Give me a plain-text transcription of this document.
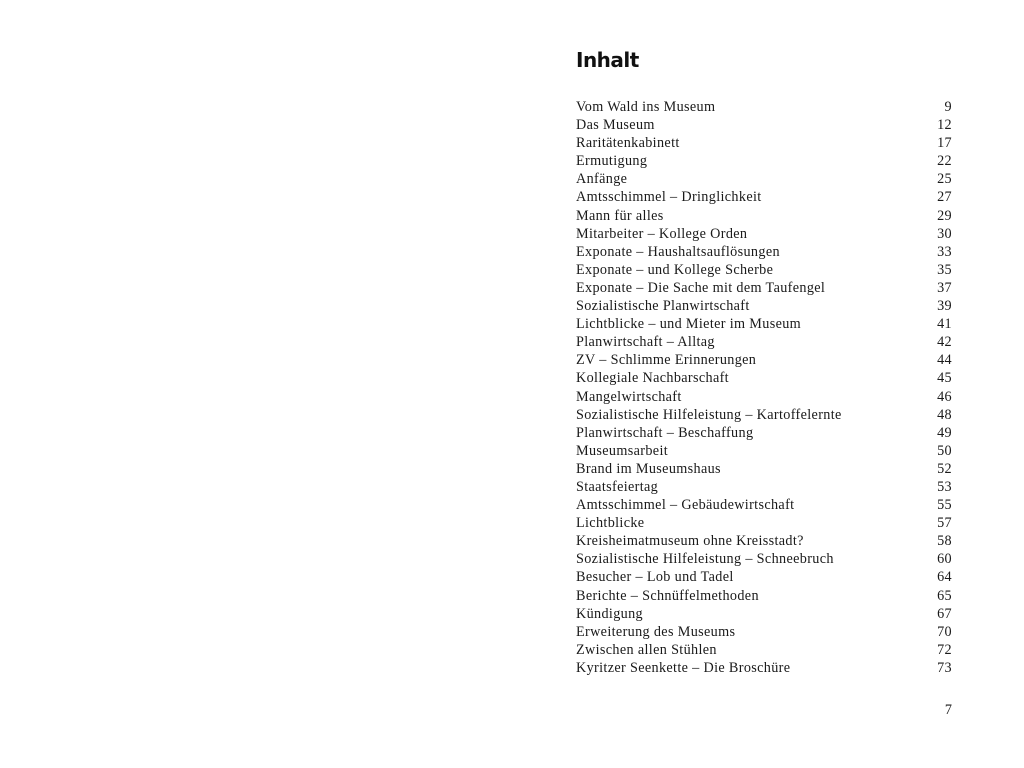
Inhalt
Vom Wald ins Museum	9
Das Museum	12
Raritätenkabinett	17
Ermutigung	22
Anfänge	25
Amtsschimmel – Dringlichkeit	27
Mann für alles	29
Mitarbeiter – Kollege Orden	30
Exponate – Haushaltsauflösungen	33
Exponate – und Kollege Scherbe	35
Exponate – Die Sache mit dem Taufengel	37
Sozialistische Planwirtschaft	39
Lichtblicke – und Mieter im Museum	41
Planwirtschaft – Alltag	42
ZV – Schlimme Erinnerungen	44
Kollegiale Nachbarschaft	45
Mangelwirtschaft	46
Sozialistische Hilfeleistung – Kartoffelernte	48
Planwirtschaft – Beschaffung	49
Museumsarbeit	50
Brand im Museumshaus	52
Staatsfeiertag	53
Amtsschimmel – Gebäudewirtschaft	55
Lichtblicke	57
Kreisheimatmuseum ohne Kreisstadt?	58
Sozialistische Hilfeleistung – Schneebruch	60
Besucher – Lob und Tadel	64
Berichte – Schnüffelmethoden	65
Kündigung	67
Erweiterung des Museums	70
Zwischen allen Stühlen	72
Kyritzer Seenkette – Die Broschüre	73
7
